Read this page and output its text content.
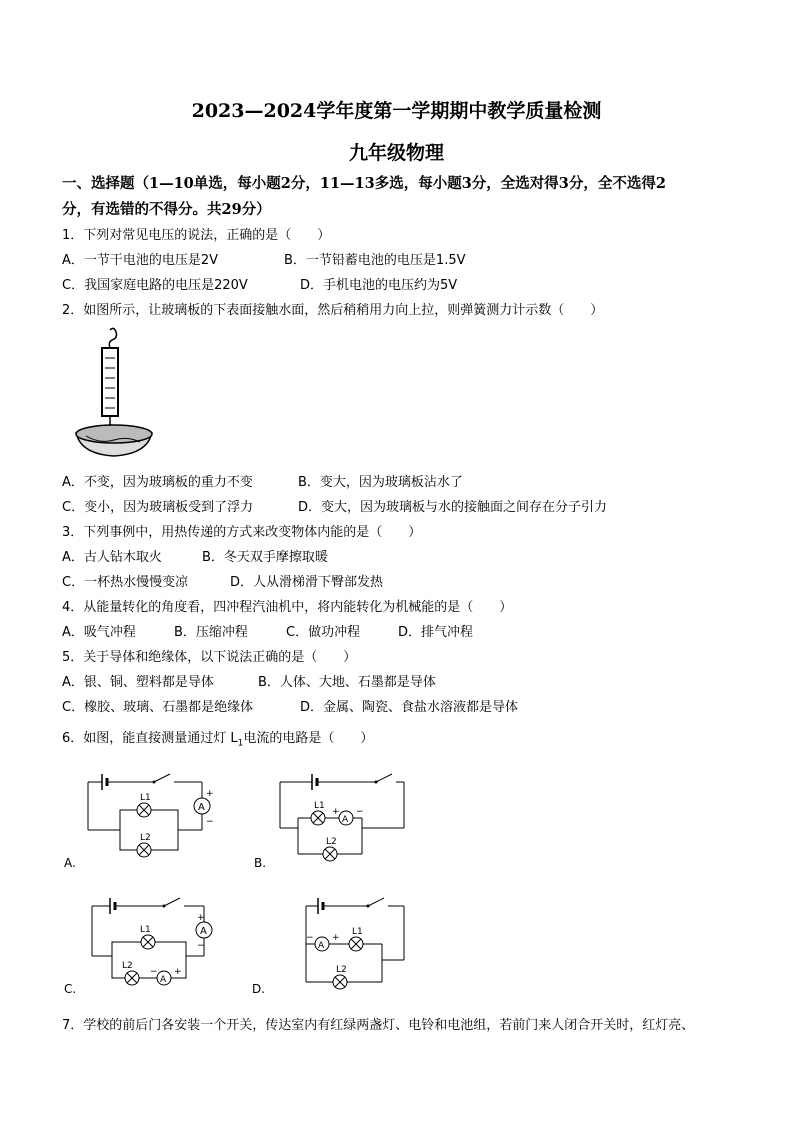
2023—2024学年度第一学期期中教学质量检测
九年级物理
一、选择题（1—10单选，每小题2分，11—13多选，每小题3分，全选对得3分，全不选得2
分，有选错的不得分。共29分）
1．下列对常见电压的说法，正确的是（　　）
A．一节干电池的电压是2V	B．一节铅蓄电池的电压是1.5V
C．我国家庭电路的电压是220V	D．手机电池的电压约为5V
2．如图所示，让玻璃板的下表面接触水面，然后稍稍用力向上拉，则弹簧测力计示数（　　）
A．不变，因为玻璃板的重力不变	B．变大，因为玻璃板沾水了
C．变小，因为玻璃板受到了浮力	D．变大，因为玻璃板与水的接触面之间存在分子引力
3．下列事例中，用热传递的方式来改变物体内能的是（　　）
A．古人钻木取火	B．冬天双手摩擦取暖
C．一杯热水慢慢变凉	D．人从滑梯滑下臀部发热
4．从能量转化的角度看，四冲程汽油机中，将内能转化为机械能的是（　　）
A．吸气冲程	B．压缩冲程	C．做功冲程	D．排气冲程
5．关于导体和绝缘体，以下说法正确的是（　　）
A．银、铜、塑料都是导体	B．人体、大地、石墨都是导体
C．橡胶、玻璃、石墨都是绝缘体	D．金属、陶瓷、食盐水溶液都是导体
6．如图，能直接测量通过灯 $L_1$电流的电路是（　　）
A
+
−
L1
L2
A.
L1
A
+ −
L2
B.
A
+
−
L1
L2
A
− +
C.
A
− +
L1
L2
D.
7．学校的前后门各安装一个开关，传达室内有红绿两盏灯、电铃和电池组，若前门来人闭合开关时，红灯亮、
